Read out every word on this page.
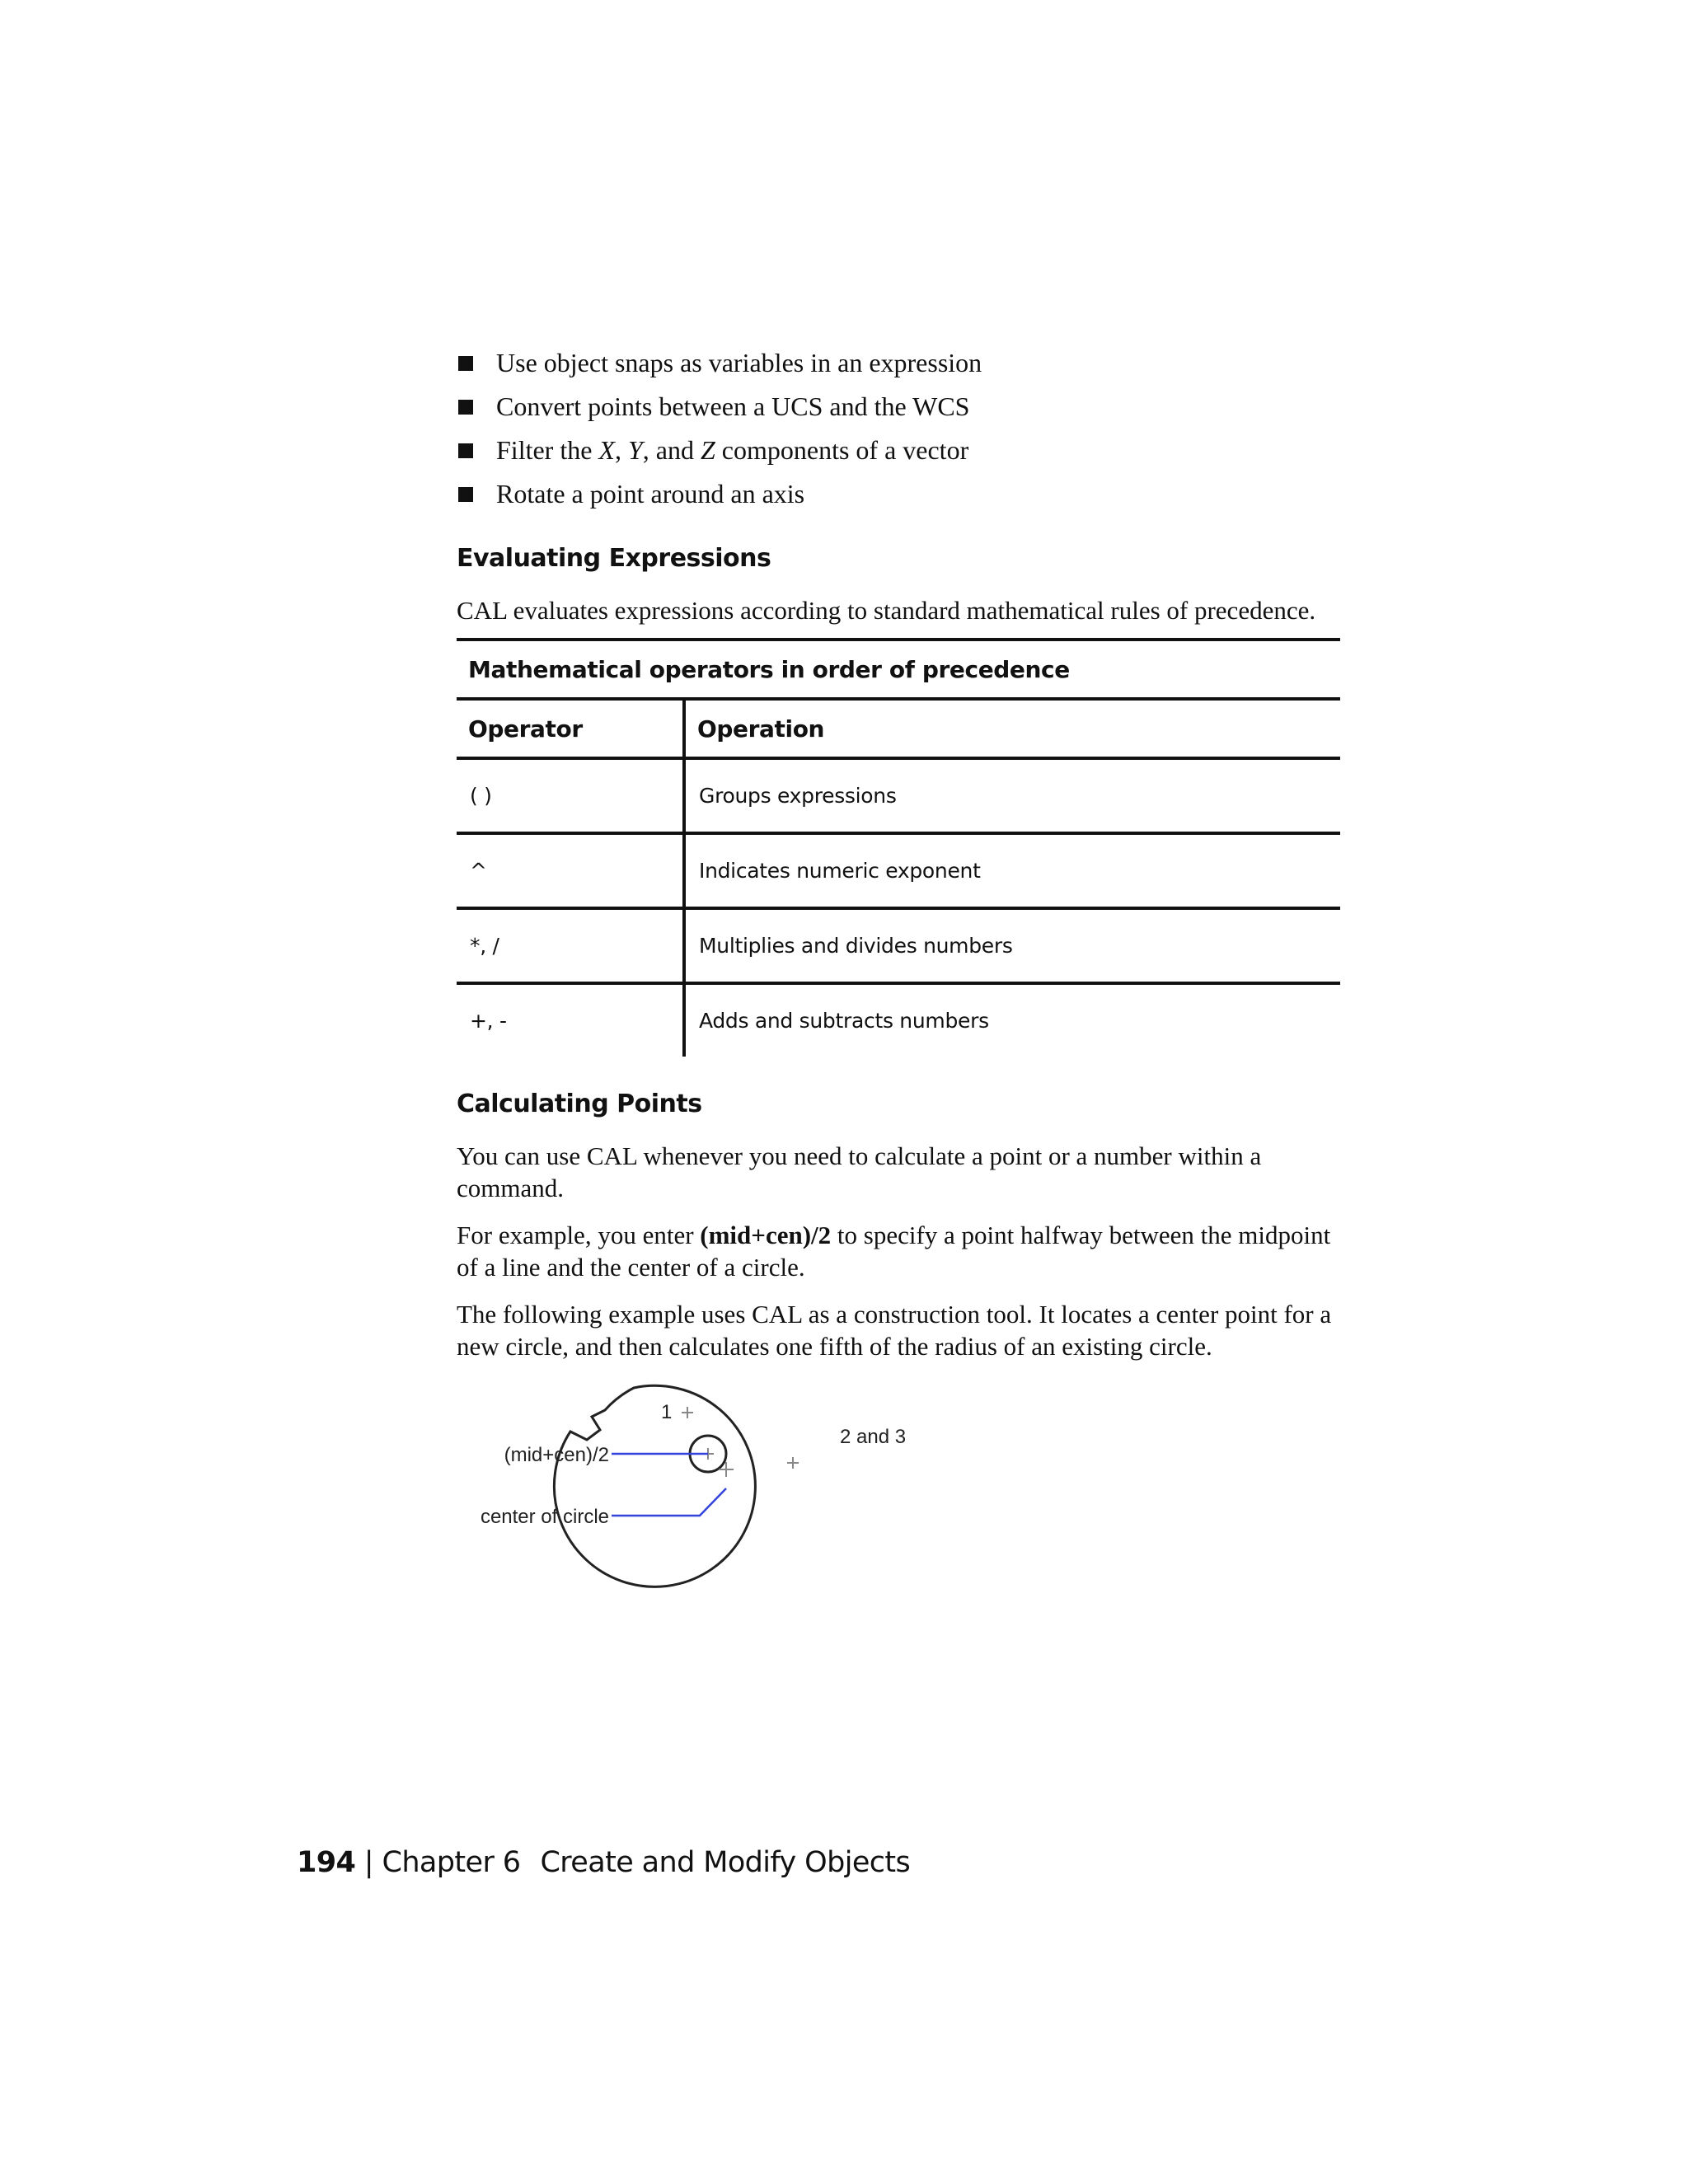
Use object snaps as variables in an expression
Convert points between a UCS and the WCS
Filter the X, Y, and Z components of a vector
Rotate a point around an axis
Evaluating Expressions

CAL evaluates expressions according to standard mathematical rules of precedence.

Mathematical operators in order of precedence	
Operator	Operation
( )	Groups expressions
^	Indicates numeric exponent
*, /	Multiplies and divides numbers
+, -	Adds and subtracts numbers
Calculating Points

You can use CAL whenever you need to calculate a point or a number within a command.

For example, you enter (mid+cen)/2 to specify a point halfway between the midpoint of a line and the center of a circle.

The following example uses CAL as a construction tool. It locates a center point for a new circle, and then calculates one fifth of the radius of an existing circle.

(mid+cen)/2
center of circle
1
2 and 3
194 | Chapter 6 Create and Modify Objects
